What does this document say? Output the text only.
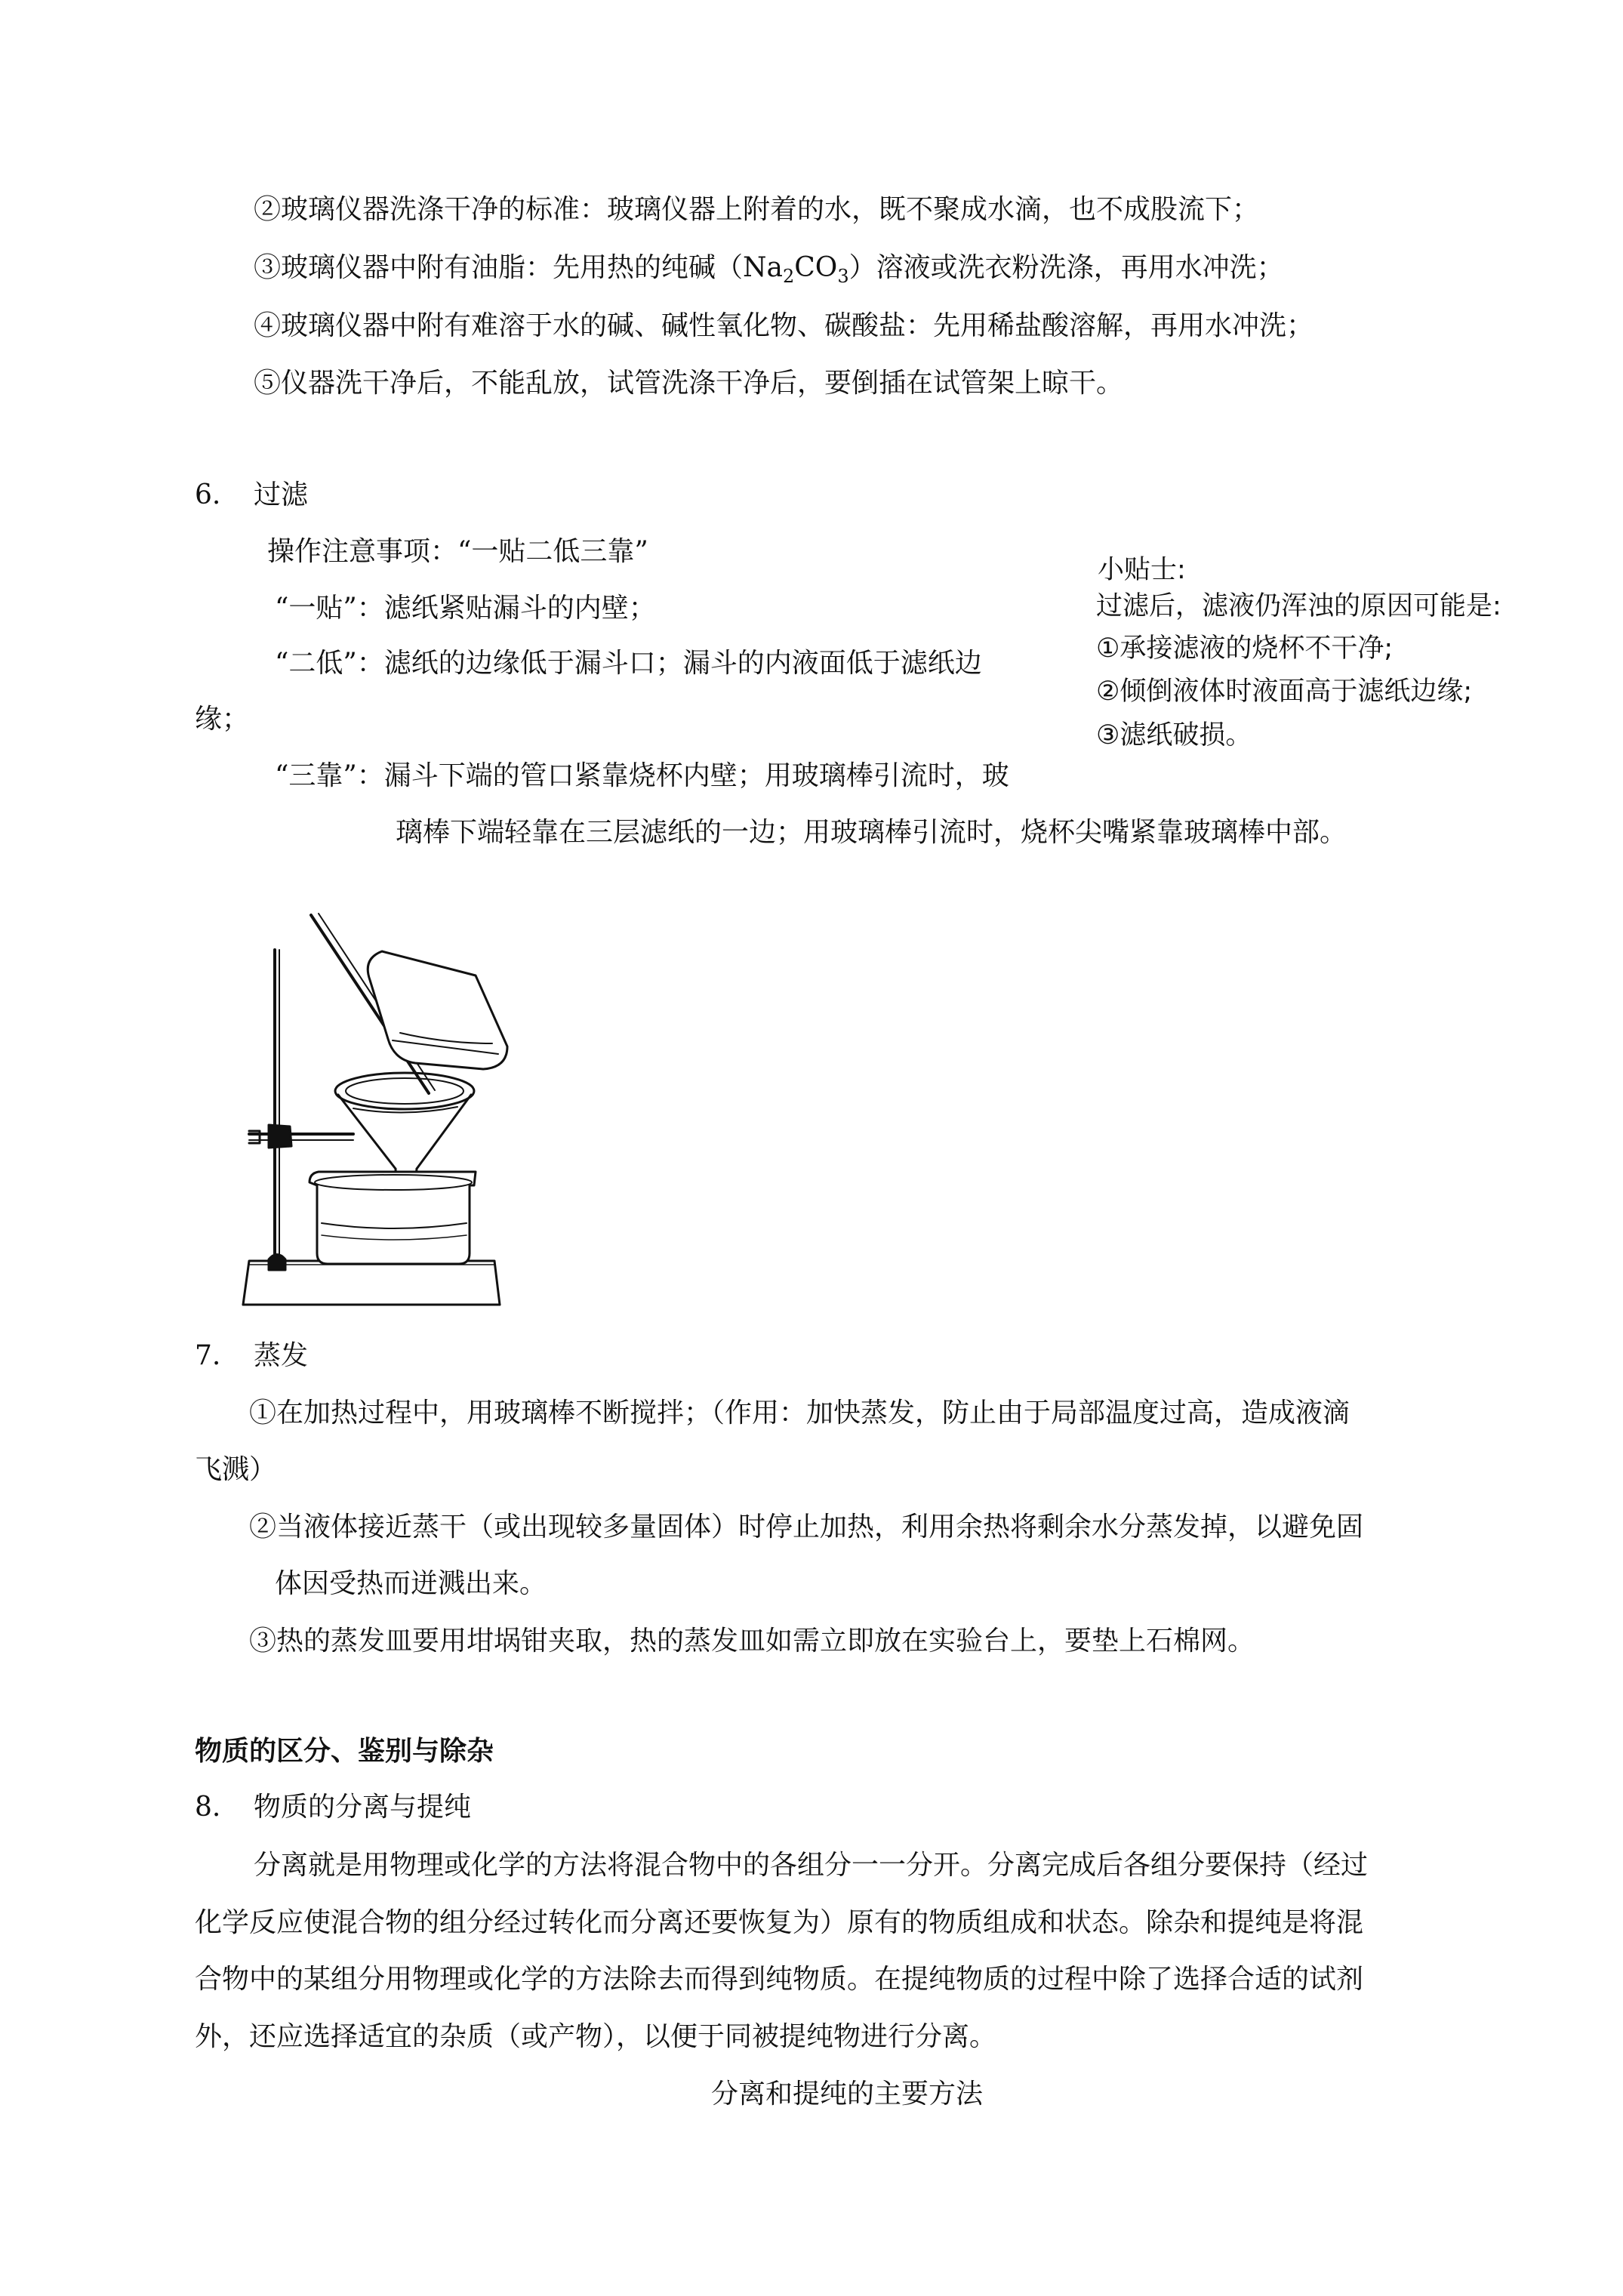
②玻璃仪器洗涤干净的标准：玻璃仪器上附着的水，既不聚成水滴，也不成股流下；
③玻璃仪器中附有油脂：先用热的纯碱$(Na_2CO_3)$溶液或洗衣粉洗涤，再用水冲洗；
④玻璃仪器中附有难溶于水的碱、碱性氧化物、碳酸盐：先用稀盐酸溶解，再用水冲洗；
⑤仪器洗干净后，不能乱放，试管洗涤干净后，要倒插在试管架上晾干。
6. 过滤
操作注意事项：“一贴二低三靠”
“一贴”：滤纸紧贴漏斗的内壁；
“二低”：滤纸的边缘低于漏斗口；漏斗的内液面低于滤纸边
缘；
“三靠”：漏斗下端的管口紧靠烧杯内壁；用玻璃棒引流时，玻
璃棒下端轻靠在三层滤纸的一边；用玻璃棒引流时，烧杯尖嘴紧靠玻璃棒中部。
小贴士:
过滤后，滤液仍浑浊的原因可能是:
①承接滤液的烧杯不干净;
②倾倒液体时液面高于滤纸边缘;
③滤纸破损。
7. 蒸发
①在加热过程中，用玻璃棒不断搅拌；（作用：加快蒸发，防止由于局部温度过高，造成液滴
飞溅）
②当液体接近蒸干（或出现较多量固体）时停止加热，利用余热将剩余水分蒸发掉，以避免固
体因受热而迸溅出来。
③热的蒸发皿要用坩埚钳夹取，热的蒸发皿如需立即放在实验台上，要垫上石棉网。
物质的区分、鉴别与除杂
8. 物质的分离与提纯
分离就是用物理或化学的方法将混合物中的各组分一一分开。分离完成后各组分要保持（经过
化学反应使混合物的组分经过转化而分离还要恢复为）原有的物质组成和状态。除杂和提纯是将混
合物中的某组分用物理或化学的方法除去而得到纯物质。在提纯物质的过程中除了选择合适的试剂
外，还应选择适宜的杂质（或产物），以便于同被提纯物进行分离。
分离和提纯的主要方法
